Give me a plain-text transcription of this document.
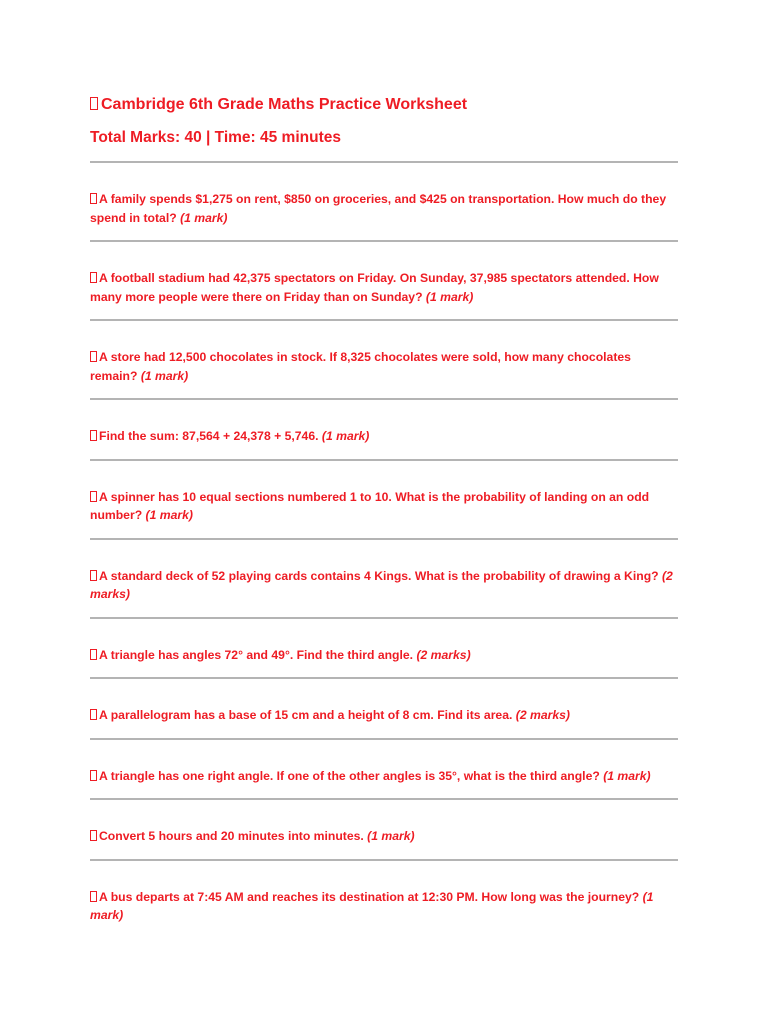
Cambridge 6th Grade Maths Practice Worksheet
Total Marks: 40 | Time: 45 minutes

A family spends $1,275 on rent, $850 on groceries, and $425 on transportation. How much do they spend in total? (1 mark)

A football stadium had 42,375 spectators on Friday. On Sunday, 37,985 spectators attended. How many more people were there on Friday than on Sunday? (1 mark)

A store had 12,500 chocolates in stock. If 8,325 chocolates were sold, how many chocolates remain? (1 mark)

Find the sum: 87,564 + 24,378 + 5,746. (1 mark)

A spinner has 10 equal sections numbered 1 to 10. What is the probability of landing on an odd number? (1 mark)

A standard deck of 52 playing cards contains 4 Kings. What is the probability of drawing a King? (2 marks)

A triangle has angles 72° and 49°. Find the third angle. (2 marks)

A parallelogram has a base of 15 cm and a height of 8 cm. Find its area. (2 marks)

A triangle has one right angle. If one of the other angles is 35°, what is the third angle? (1 mark)

Convert 5 hours and 20 minutes into minutes. (1 mark)

A bus departs at 7:45 AM and reaches its destination at 12:30 PM. How long was the journey? (1 mark)
